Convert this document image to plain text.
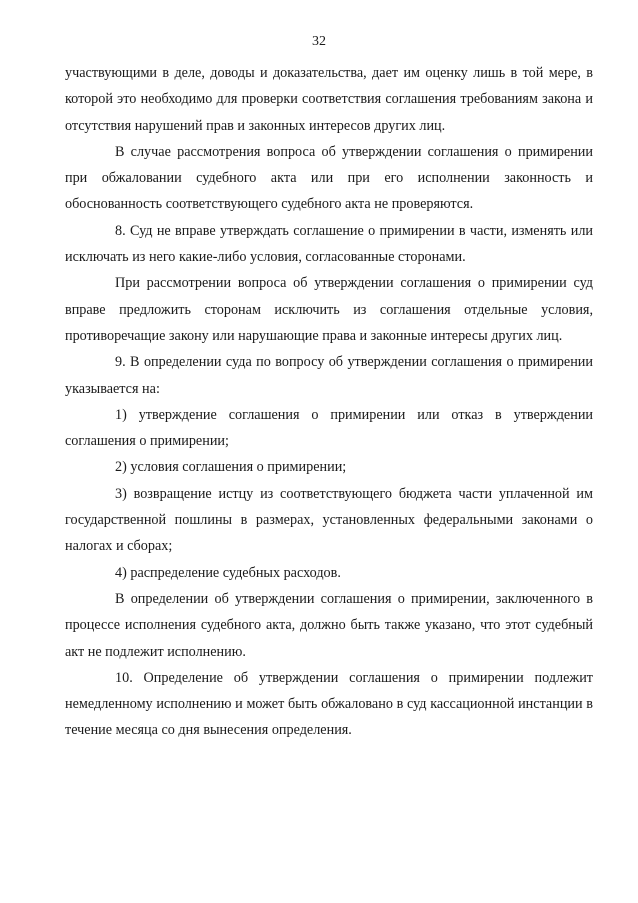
32

участвующими в деле, доводы и доказательства, дает им оценку лишь в той мере, в которой это необходимо для проверки соответствия соглашения требованиям закона и отсутствия нарушений прав и законных интересов других лиц.

В случае рассмотрения вопроса об утверждении соглашения о примирении при обжаловании судебного акта или при его исполнении законность и обоснованность соответствующего судебного акта не проверяются.

8. Суд не вправе утверждать соглашение о примирении в части, изменять или исключать из него какие-либо условия, согласованные сторонами.

При рассмотрении вопроса об утверждении соглашения о примирении суд вправе предложить сторонам исключить из соглашения отдельные условия, противоречащие закону или нарушающие права и законные интересы других лиц.

9. В определении суда по вопросу об утверждении соглашения о примирении указывается на:

1) утверждение соглашения о примирении или отказ в утверждении соглашения о примирении;

2) условия соглашения о примирении;

3) возвращение истцу из соответствующего бюджета части уплаченной им государственной пошлины в размерах, установленных федеральными законами о налогах и сборах;

4) распределение судебных расходов.

В определении об утверждении соглашения о примирении, заключенного в процессе исполнения судебного акта, должно быть также указано, что этот судебный акт не подлежит исполнению.

10. Определение об утверждении соглашения о примирении подлежит немедленному исполнению и может быть обжаловано в суд кассационной инстанции в течение месяца со дня вынесения определения.
